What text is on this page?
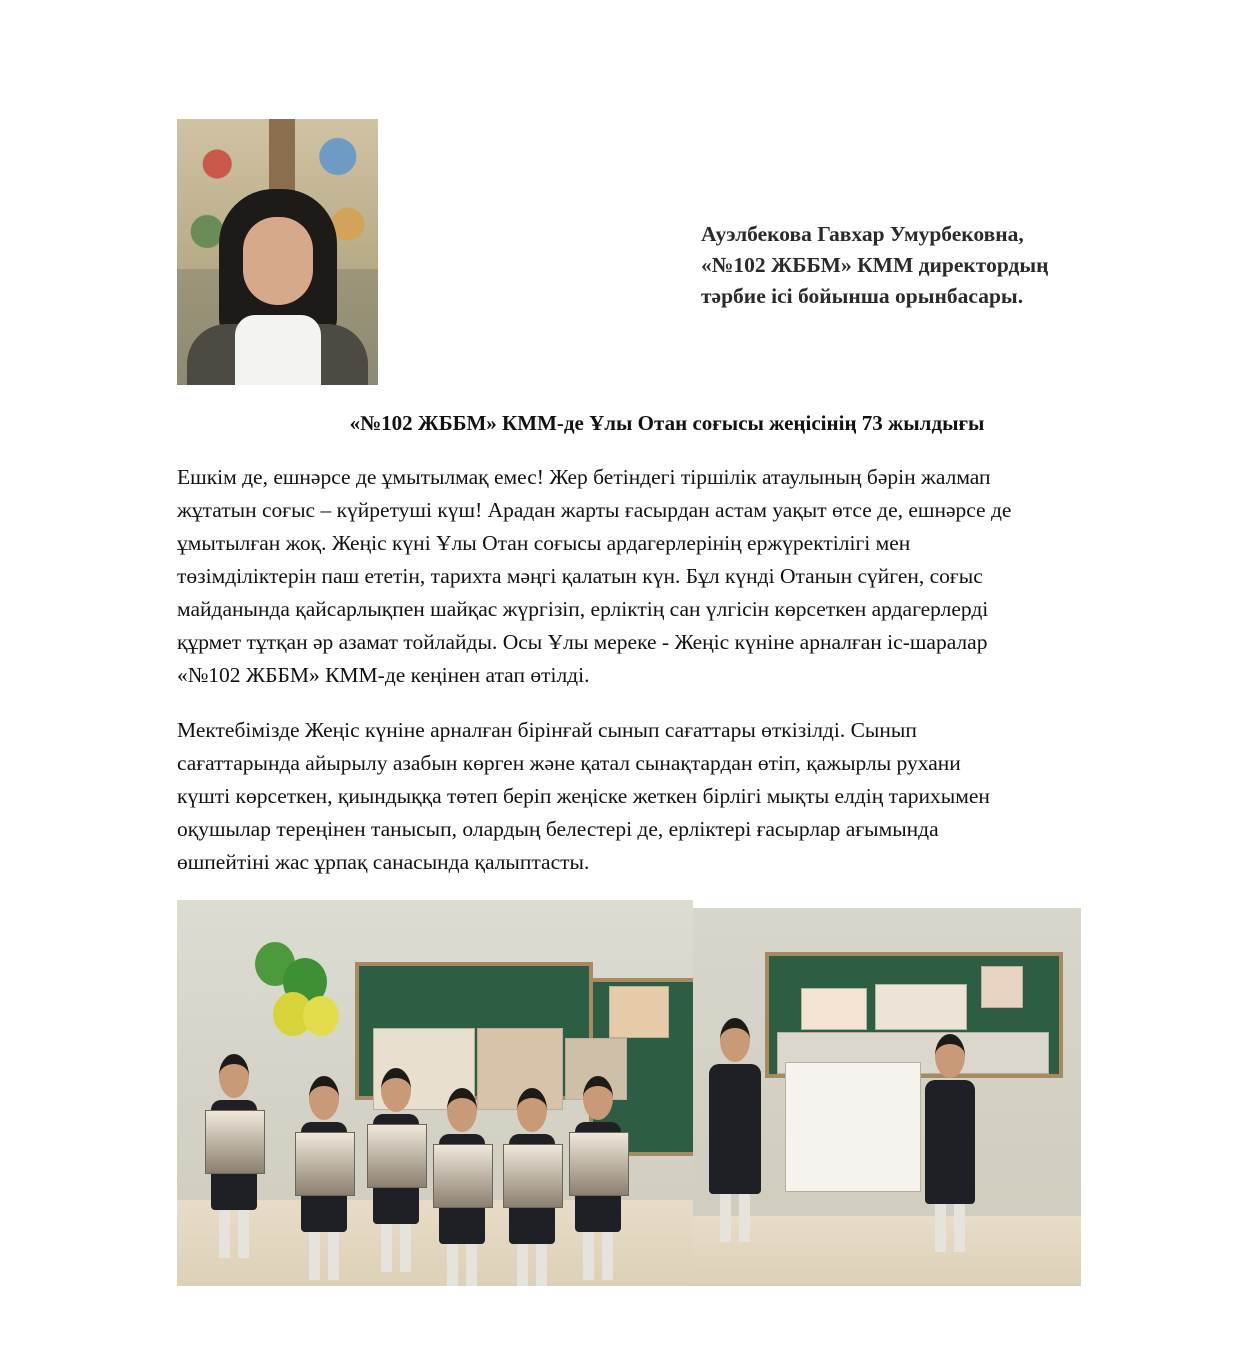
Ауэлбекова Гавхар Умурбековна,
«№102 ЖББМ» КММ директордың
тәрбие ісі бойынша орынбасары.

«№102 ЖББМ» КММ-де Ұлы Отан соғысы жеңісінің 73 жылдығы

Ешкім де, ешнәрсе де ұмытылмақ емес! Жер бетіндегі тіршілік атаулының бәрін жалмап
жұтатын соғыс – күйретуші күш! Арадан жарты ғасырдан астам уақыт өтсе де, ешнәрсе де
ұмытылған жоқ. Жеңіс күні Ұлы Отан соғысы ардагерлерінің ержүректілігі мен
төзімділіктерін паш ететін, тарихта мәңгі қалатын күн. Бұл күнді Отанын сүйген, соғыс
майданында қайсарлықпен шайқас жүргізіп, ерліктің сан үлгісін көрсеткен ардагерлерді
құрмет тұтқан әр азамат тойлайды. Осы Ұлы мереке - Жеңіс күніне арналған іс-шаралар
«№102 ЖББМ» КММ-де кеңінен атап өтілді.

Мектебімізде Жеңіс күніне арналған бірінғай сынып сағаттары өткізілді. Сынып
сағаттарында айырылу азабын көрген және қатал сынақтардан өтіп, қажырлы рухани
күшті көрсеткен, қиындыққа төтеп беріп жеңіске жеткен бірлігі мықты елдің тарихымен
оқушылар тереңінен танысып, олардың белестері де, ерліктері ғасырлар ағымында
өшпейтіні жас ұрпақ санасында қалыптасты.
